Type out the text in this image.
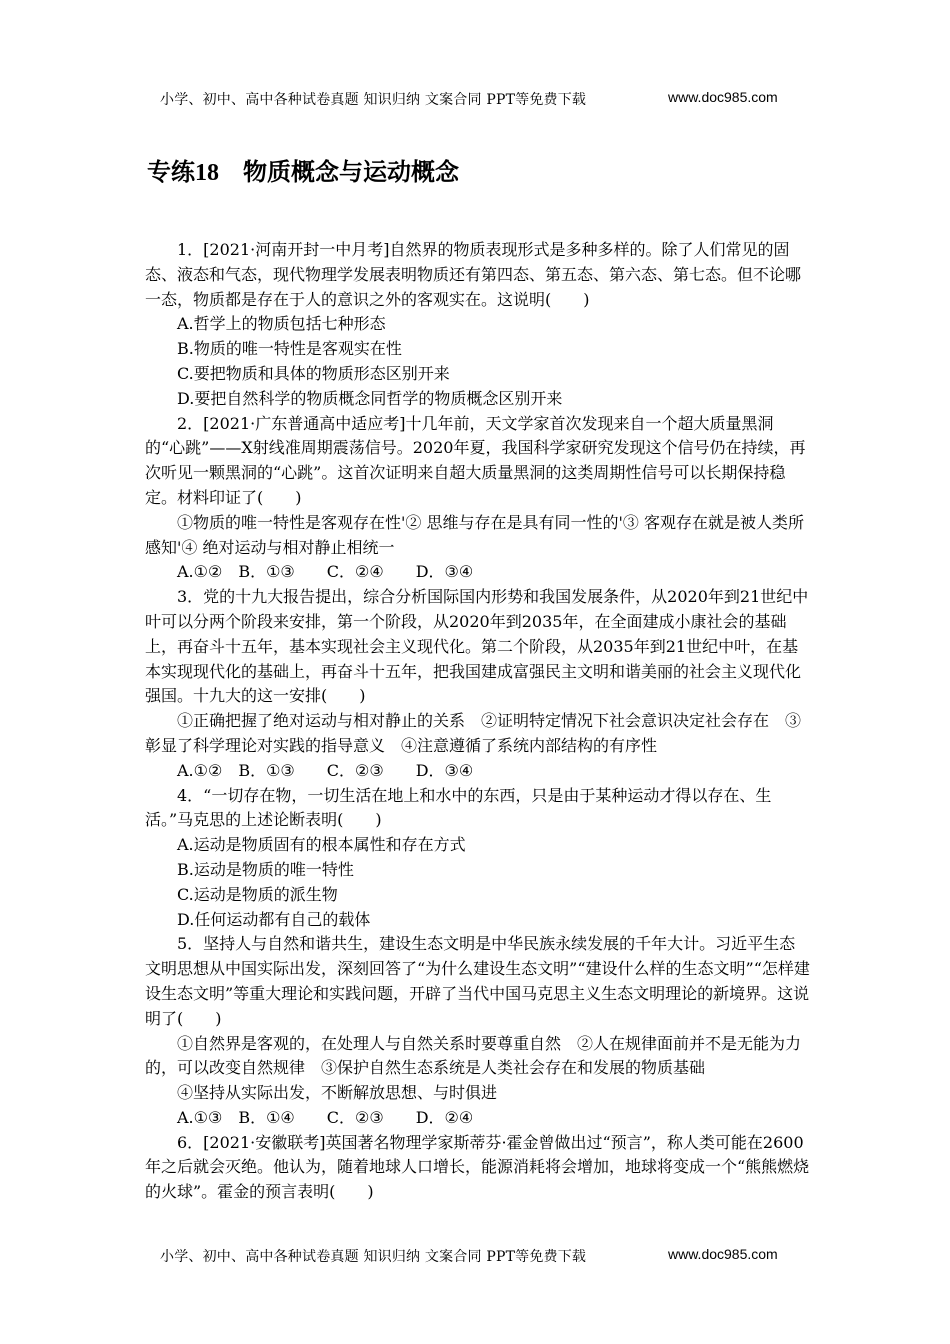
小学、初中、高中各种试卷真题 知识归纳 文案合同 PPT等免费下载	www.doc985.com
专练18　 物质概念与运动概念

1．[2021·河南开封一中月考]自然界的物质表现形式是多种多样的。除了人们常见的固态、液态和气态，现代物理学发展表明物质还有第四态、第五态、第六态、第七态。但不论哪一态，物质都是存在于人的意识之外的客观实在。这说明(　　)

A.哲学上的物质包括七种形态

B.物质的唯一特性是客观实在性

C.要把物质和具体的物质形态区别开来

D.要把自然科学的物质概念同哲学的物质概念区别开来

2．[2021·广东普通高中适应考]十几年前，天文学家首次发现来自一个超大质量黑洞的“心跳”——X射线准周期震荡信号。2020年夏，我国科学家研究发现这个信号仍在持续，再次听见一颗黑洞的“心跳”。这首次证明来自超大质量黑洞的这类周期性信号可以长期保持稳定。材料印证了(　　)

①物质的唯一特性是客观存在性'② 思维与存在是具有同一性的'③ 客观存在就是被人类所感知'④ 绝对运动与相对静止相统一

A.①②　B．①③　　C．②④　　D．③④

3．党的十九大报告提出，综合分析国际国内形势和我国发展条件，从2020年到21世纪中叶可以分两个阶段来安排，第一个阶段，从2020年到2035年，在全面建成小康社会的基础上，再奋斗十五年，基本实现社会主义现代化。第二个阶段，从2035年到21世纪中叶，在基本实现现代化的基础上，再奋斗十五年，把我国建成富强民主文明和谐美丽的社会主义现代化强国。十九大的这一安排(　　)

①正确把握了绝对运动与相对静止的关系　②证明特定情况下社会意识决定社会存在　③彰显了科学理论对实践的指导意义　④注意遵循了系统内部结构的有序性

A.①②　B．①③　　C．②③　　D．③④

4．“一切存在物，一切生活在地上和水中的东西，只是由于某种运动才得以存在、生活。”马克思的上述论断表明(　　)

A.运动是物质固有的根本属性和存在方式

B.运动是物质的唯一特性

C.运动是物质的派生物

D.任何运动都有自己的载体

5．坚持人与自然和谐共生，建设生态文明是中华民族永续发展的千年大计。习近平生态文明思想从中国实际出发，深刻回答了“为什么建设生态文明”“建设什么样的生态文明”“怎样建设生态文明”等重大理论和实践问题，开辟了当代中国马克思主义生态文明理论的新境界。这说明了(　　)

①自然界是客观的，在处理人与自然关系时要尊重自然　②人在规律面前并不是无能为力的，可以改变自然规律　③保护自然生态系统是人类社会存在和发展的物质基础

④坚持从实际出发，不断解放思想、与时俱进

A.①③　B．①④　　C．②③　　D．②④

6．[2021·安徽联考]英国著名物理学家斯蒂芬·霍金曾做出过“预言”，称人类可能在2600年之后就会灭绝。他认为，随着地球人口增长，能源消耗将会增加，地球将变成一个“熊熊燃烧的火球”。霍金的预言表明(　　)

小学、初中、高中各种试卷真题 知识归纳 文案合同 PPT等免费下载	www.doc985.com
